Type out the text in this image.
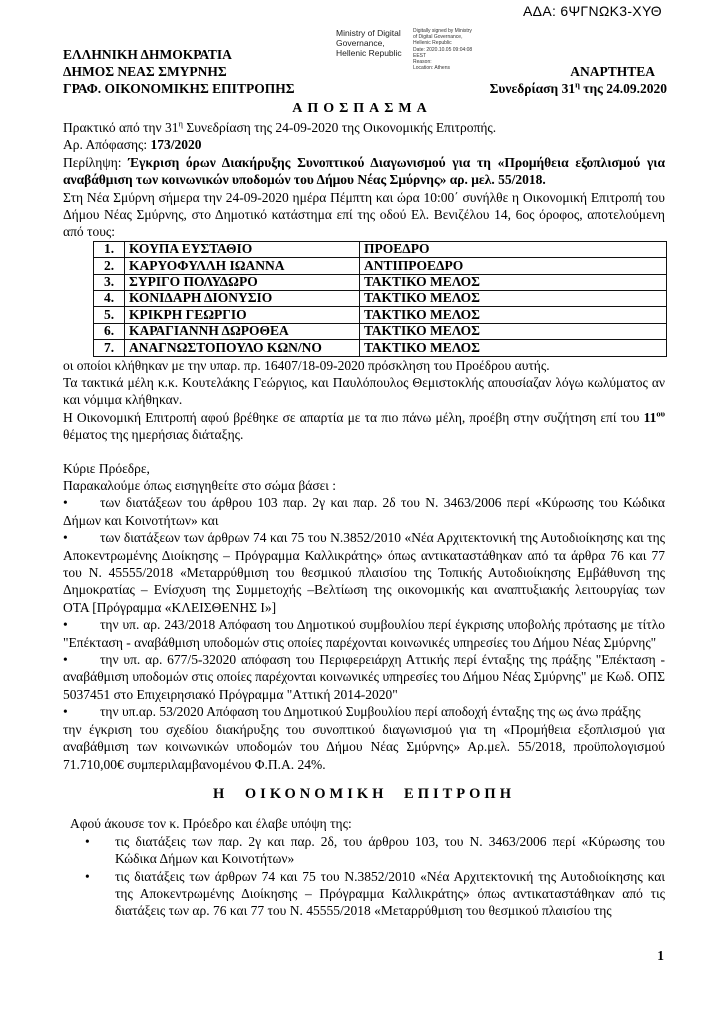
ΑΔΑ: 6ΨΓΝΩΚ3-ΧΥΘ
Ministry of Digital
Governance,
Hellenic Republic
Digitally signed by Ministry
of Digital Governance,
Hellenic Republic
Date: 2020.10.05 09:04:08
EEST
Reason:
Location: Athens
ΕΛΛΗΝΙΚΗ ΔΗΜΟΚΡΑΤΙΑ
ΔΗΜΟΣ ΝΕΑΣ ΣΜΥΡΝΗΣ
ΓΡΑΦ. ΟΙΚΟΝΟΜΙΚΗΣ ΕΠΙΤΡΟΠΗΣ
ΑΝΑΡΤΗΤΕΑ
Συνεδρίαση $31^\eta$ της 24.09.2020
ΑΠΟΣΠΑΣΜΑ

Πρακτικό από την $31^\eta$ Συνεδρίαση της 24-09-2020 της Οικονομικής Επιτροπής.

Αρ. Απόφασης: 173/2020

Περίληψη: Έγκριση όρων Διακήρυξης Συνοπτικού Διαγωνισμού για τη «Προμήθεια εξοπλισμού για αναβάθμιση των κοινωνικών υποδομών του Δήμου Νέας Σμύρνης» αρ. μελ. 55/2018.

Στη Νέα Σμύρνη σήμερα την 24-09-2020 ημέρα Πέμπτη και ώρα 10:00΄ συνήλθε η Οικονομική Επιτροπή του Δήμου Νέας Σμύρνης, στο Δημοτικό κατάστημα επί της οδού Ελ. Βενιζέλου 14, 6ος όροφος, αποτελούμενη από τους:

1.	ΚΟΥΠΑ ΕΥΣΤΑΘΙΟ	ΠΡΟΕΔΡΟ
2.	ΚΑΡΥΟΦΥΛΛΗ ΙΩΑΝΝΑ	ΑΝΤΙΠΡΟΕΔΡΟ
3.	ΣΥΡΙΓΟ ΠΟΛΥΔΩΡΟ	ΤΑΚΤΙΚΟ ΜΕΛΟΣ
4.	ΚΟΝΙΔΑΡΗ ΔΙΟΝΥΣΙΟ	ΤΑΚΤΙΚΟ ΜΕΛΟΣ
5.	ΚΡΙΚΡΗ ΓΕΩΡΓΙΟ	ΤΑΚΤΙΚΟ ΜΕΛΟΣ
6.	ΚΑΡΑΓΙΑΝΝΗ ΔΩΡΟΘΕΑ	ΤΑΚΤΙΚΟ ΜΕΛΟΣ
7.	ΑΝΑΓΝΩΣΤΟΠΟΥΛΟ ΚΩΝ/ΝΟ	ΤΑΚΤΙΚΟ ΜΕΛΟΣ

οι οποίοι κλήθηκαν με την υπαρ. πρ. 16407/18-09-2020 πρόσκληση του Προέδρου αυτής.

Τα τακτικά μέλη κ.κ. Κουτελάκης Γεώργιος, και Παυλόπουλος Θεμιστοκλής απουσίαζαν λόγω κωλύματος αν και νόμιμα κλήθηκαν.

Η Οικονομική Επιτροπή αφού βρέθηκε σε απαρτία με τα πιο πάνω μέλη, προέβη στην συζήτηση επί του $11^{o\upsilon}$ θέματος της ημερήσιας διάταξης.

Κύριε Πρόεδρε,

Παρακαλούμε όπως εισηγηθείτε στο σώμα βάσει :

• των διατάξεων του άρθρου 103 παρ. 2γ και παρ. 2δ του Ν. 3463/2006 περί «Κύρωσης του Κώδικα Δήμων και Κοινοτήτων» και

• των διατάξεων των άρθρων 74 και 75 του Ν.3852/2010 «Νέα Αρχιτεκτονική της Αυτοδιοίκησης και της Αποκεντρωμένης Διοίκησης – Πρόγραμμα Καλλικράτης» όπως αντικαταστάθηκαν από τα άρθρα 76 και 77 του Ν. 45555/2018 «Μεταρρύθμιση του θεσμικού πλαισίου της Τοπικής Αυτοδιοίκησης Εμβάθυνση της Δημοκρατίας – Ενίσχυση της Συμμετοχής –Βελτίωση της οικονομικής και αναπτυξιακής λειτουργίας των ΟΤΑ [Πρόγραμμα «ΚΛΕΙΣΘΕΝΗΣ Ι»]

• την υπ. αρ. 243/2018 Απόφαση του Δημοτικού συμβουλίου περί έγκρισης υποβολής πρότασης με τίτλο "Επέκταση - αναβάθμιση υποδομών στις οποίες παρέχονται κοινωνικές υπηρεσίες του Δήμου Νέας Σμύρνης"

• την υπ. αρ. 677/5-32020 απόφαση του Περιφερειάρχη Αττικής περί ένταξης της πράξης "Επέκταση - αναβάθμιση υποδομών στις οποίες παρέχονται κοινωνικές υπηρεσίες του Δήμου Νέας Σμύρνης" με Κωδ. ΟΠΣ 5037451 στο Επιχειρησιακό Πρόγραμμα "Αττική 2014-2020"

• την υπ.αρ. 53/2020 Απόφαση του Δημοτικού Συμβουλίου περί αποδοχή ένταξης της ως άνω πράξης

την έγκριση του σχεδίου διακήρυξης του συνοπτικού διαγωνισμού για τη «Προμήθεια εξοπλισμού για αναβάθμιση των κοινωνικών υποδομών του Δήμου Νέας Σμύρνης» Αρ.μελ. 55/2018, προϋπολογισμού 71.710,00€ συμπεριλαμβανομένου Φ.Π.Α. 24%.

Η ΟΙΚΟΝΟΜΙΚΗ ΕΠΙΤΡΟΠΗ

Αφού άκουσε τον κ. Πρόεδρο και έλαβε υπόψη της:

• τις διατάξεις των παρ. 2γ και παρ. 2δ, του άρθρου 103, του Ν. 3463/2006 περί «Κύρωσης του Κώδικα Δήμων και Κοινοτήτων»

• τις διατάξεις των άρθρων 74 και 75 του Ν.3852/2010 «Νέα Αρχιτεκτονική της Αυτοδιοίκησης και της Αποκεντρωμένης Διοίκησης – Πρόγραμμα Καλλικράτης» όπως αντικαταστάθηκαν από τις διατάξεις των αρ. 76 και 77 του Ν. 45555/2018 «Μεταρρύθμιση του θεσμικού πλαισίου της

1
